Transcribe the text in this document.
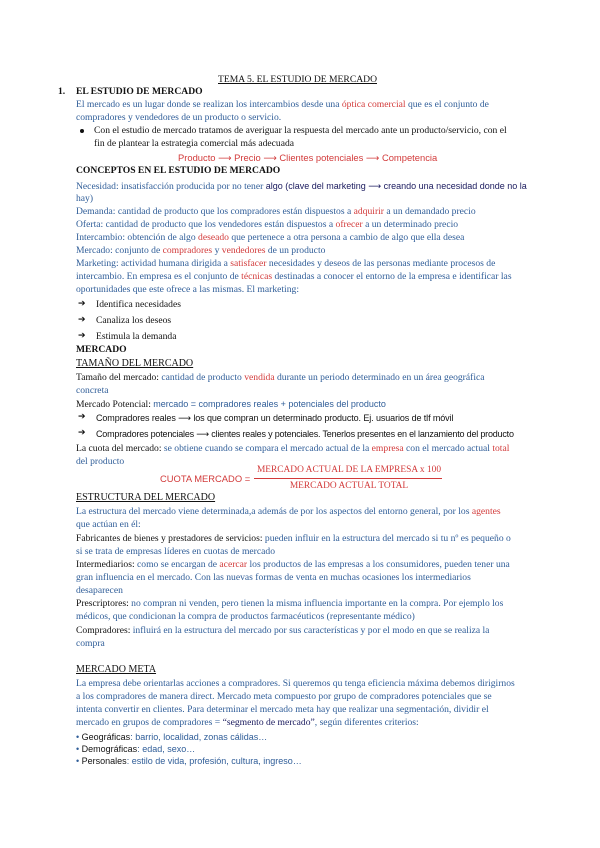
TEMA 5. EL ESTUDIO DE MERCADO
1. EL ESTUDIO DE MERCADO
El mercado es un lugar donde se realizan los intercambios desde una óptica comercial que es el conjunto de
compradores y vendedores de un producto o servicio.
Con el estudio de mercado tratamos de averiguar la respuesta del mercado ante un producto/servicio, con el
fin de plantear la estrategia comercial más adecuada
Producto ⟶ Precio ⟶ Clientes potenciales ⟶ Competencia
CONCEPTOS EN EL ESTUDIO DE MERCADO
Necesidad: insatisfacción producida por no tener algo (clave del marketing ⟶ creando una necesidad donde no la
hay)
Demanda: cantidad de producto que los compradores están dispuestos a adquirir a un demandado precio
Oferta: cantidad de producto que los vendedores están dispuestos a ofrecer a un determinado precio
Intercambio: obtención de algo deseado que pertenece a otra persona a cambio de algo que ella desea
Mercado: conjunto de compradores y vendedores de un producto
Marketing: actividad humana dirigida a satisfacer necesidades y deseos de las personas mediante procesos de
intercambio. En empresa es el conjunto de técnicas destinadas a conocer el entorno de la empresa e identificar las
oportunidades que este ofrece a las mismas. El marketing:
➔ Identifica necesidades
➔ Canaliza los deseos
➔ Estimula la demanda
MERCADO
TAMAÑO DEL MERCADO
Tamaño del mercado: cantidad de producto vendida durante un periodo determinado en un área geográfica
concreta
Mercado Potencial: mercado = compradores reales + potenciales del producto
➔ Compradores reales ⟶ los que compran un determinado producto. Ej. usuarios de tlf móvil
➔ Compradores potenciales ⟶ clientes reales y potenciales. Tenerlos presentes en el lanzamiento del producto
La cuota del mercado: se obtiene cuando se compara el mercado actual de la empresa con el mercado actual total
del producto
CUOTA MERCADO =
MERCADO ACTUAL DE LA EMPRESA x 100
MERCADO ACTUAL TOTAL
ESTRUCTURA DEL MERCADO
La estructura del mercado viene determinada,a además de por los aspectos del entorno general, por los agentes
que actúan en él:
Fabricantes de bienes y prestadores de servicios: pueden influir en la estructura del mercado si tu nº es pequeño o
si se trata de empresas líderes en cuotas de mercado
Intermediarios: como se encargan de acercar los productos de las empresas a los consumidores, pueden tener una
gran influencia en el mercado. Con las nuevas formas de venta en muchas ocasiones los intermediarios
desaparecen
Prescriptores: no compran ni venden, pero tienen la misma influencia importante en la compra. Por ejemplo los
médicos, que condicionan la compra de productos farmacéuticos (representante médico)
Compradores: influirá en la estructura del mercado por sus características y por el modo en que se realiza la
compra
MERCADO META
La empresa debe orientarlas acciones a compradores. Si queremos qu tenga eficiencia máxima debemos dirigirnos
a los compradores de manera direct. Mercado meta compuesto por grupo de compradores potenciales que se
intenta convertir en clientes. Para determinar el mercado meta hay que realizar una segmentación, dividir el
mercado en grupos de compradores = “segmento de mercado”, según diferentes criterios:
• Geográficas: barrio, localidad, zonas cálidas…
• Demográficas: edad, sexo…
• Personales: estilo de vida, profesión, cultura, ingreso…
